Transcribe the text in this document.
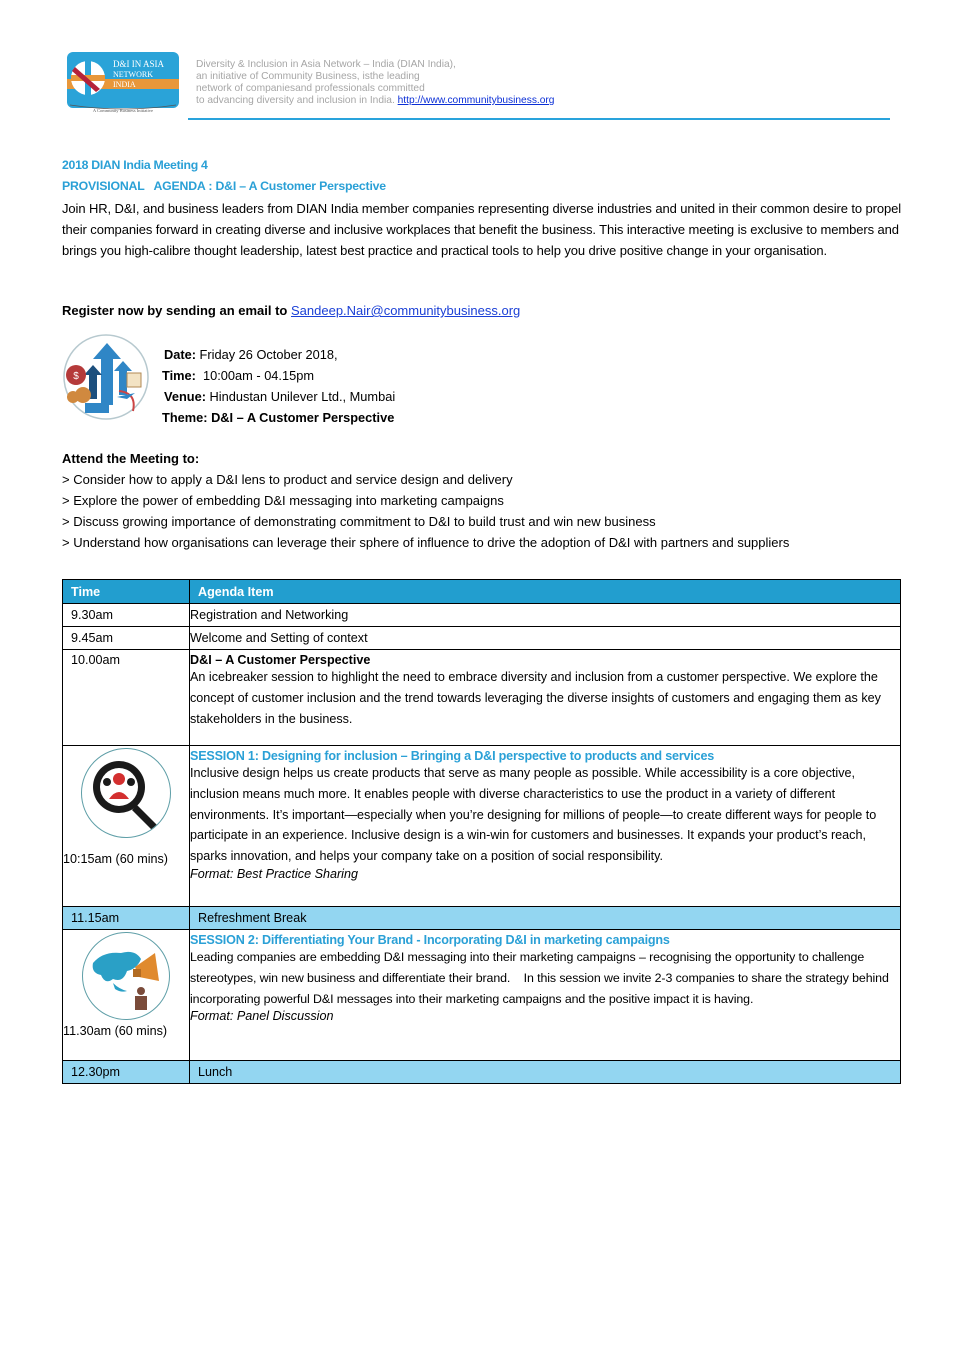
D&I IN ASIA
NETWORK
INDIA
A Community Business Initiative
Diversity & Inclusion in Asia Network – India (DIAN India),
an initiative of Community Business, isthe leading
network of companiesand professionals committed
to advancing diversity and inclusion in India. http://www.communitybusiness.org
2018 DIAN India Meeting 4
PROVISIONAL   AGENDA : D&I – A Customer Perspective
Join HR, D&I, and business leaders from DIAN India member companies representing diverse industries and united in their common desire to propel their companies forward in creating diverse and inclusive workplaces that benefit the business. This interactive meeting is exclusive to members and brings you high-calibre thought leadership, latest best practice and practical tools to help you drive positive change in your organisation.
Register now by sending an email to Sandeep.Nair@communitybusiness.org
$
Date: Friday 26 October 2018,
Time:  10:00am - 04.15pm
Venue: Hindustan Unilever Ltd., Mumbai
Theme: D&I – A Customer Perspective
Attend the Meeting to:
> Consider how to apply a D&I lens to product and service design and delivery
> Explore the power of embedding D&I messaging into marketing campaigns
> Discuss growing importance of demonstrating commitment to D&I to build trust and win new business
> Understand how organisations can leverage their sphere of influence to drive the adoption of D&I with partners and suppliers
Time	Agenda Item
9.30am	Registration and Networking
9.45am	Welcome and Setting of context
10.00am	D&I – A Customer Perspective
An icebreaker session to highlight the need to embrace diversity and inclusion from a customer perspective. We explore the concept of customer inclusion and the trend towards leveraging the diverse insights of customers and engaging them as key stakeholders in the business.

10:15am (60 mins)	SESSION 1: Designing for inclusion – Bringing a D&I perspective to products and services
Inclusive design helps us create products that serve as many people as possible. While accessibility is a core objective, inclusion means much more. It enables people with diverse characteristics to use the product in a variety of different environments. It’s important—especially when you’re designing for millions of people—to create different ways for people to participate in an experience. Inclusive design is a win-win for customers and businesses. It expands your product’s reach, sparks innovation, and helps your company take on a position of social responsibility.
Format: Best Practice Sharing

11.15am	Refreshment Break

11.30am (60 mins)	SESSION 2: Differentiating Your Brand - Incorporating D&I in marketing campaigns
Leading companies are embedding D&I messaging into their marketing campaigns – recognising the opportunity to challenge stereotypes, win new business and differentiate their brand.    In this session we invite 2-3 companies to share the strategy behind incorporating powerful D&I messages into their marketing campaigns and the positive impact it is having.
Format: Panel Discussion

12.30pm	Lunch
